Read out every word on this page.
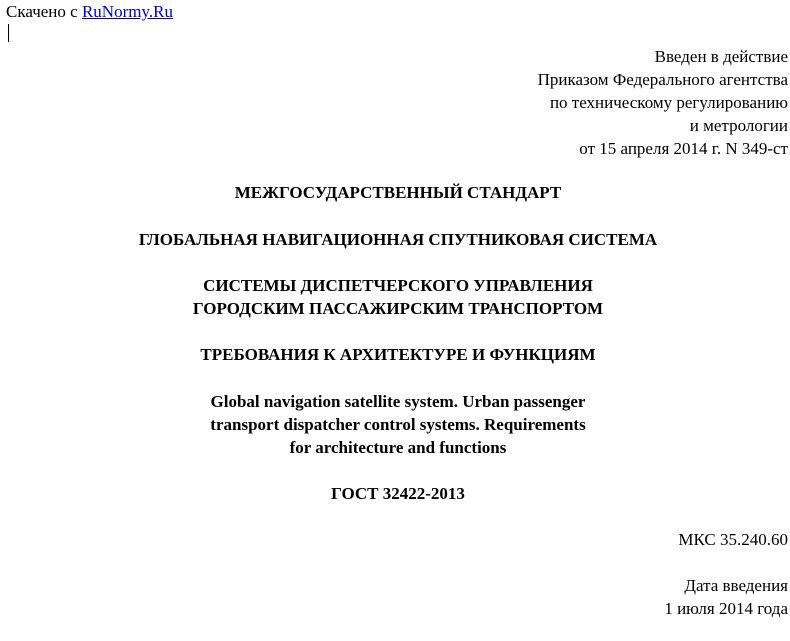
Скачено с RuNormy.Ru
Введен в действие
Приказом Федерального агентства
по техническому регулированию
и метрологии
от 15 апреля 2014 г. N 349-ст
МЕЖГОСУДАРСТВЕННЫЙ СТАНДАРТ
ГЛОБАЛЬНАЯ НАВИГАЦИОННАЯ СПУТНИКОВАЯ СИСТЕМА
СИСТЕМЫ ДИСПЕТЧЕРСКОГО УПРАВЛЕНИЯ
ГОРОДСКИМ ПАССАЖИРСКИМ ТРАНСПОРТОМ
ТРЕБОВАНИЯ К АРХИТЕКТУРЕ И ФУНКЦИЯМ
Global navigation satellite system. Urban passenger
transport dispatcher control systems. Requirements
for architecture and functions
ГОСТ 32422-2013
МКС 35.240.60
Дата введения
1 июля 2014 года
